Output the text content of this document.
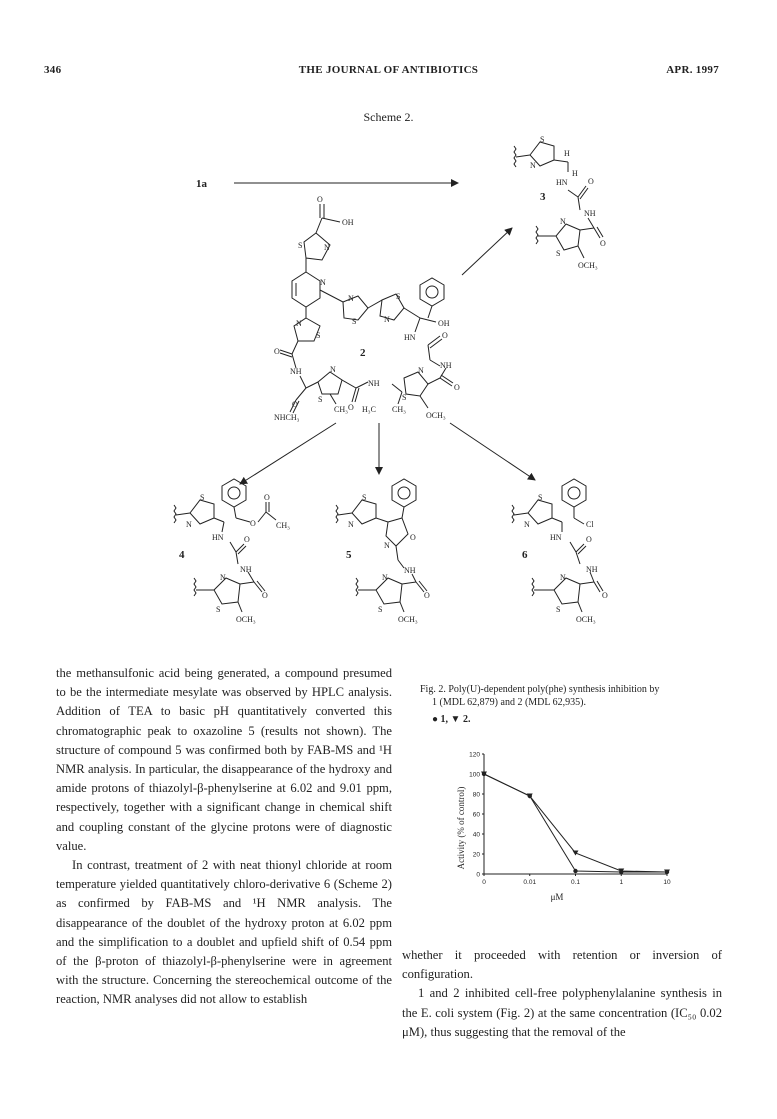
346	THE JOURNAL OF ANTIBIOTICS	APR. 1997
Scheme 2.
1a
2
3
4	5	6
O
OH
S	N
N
N
S
S
N	OH
HN	O
NH
N
S
O
NH	N
S
O
NHCH₃
CH₃ O
NH
H₃C CH₃
N
S
O
OCH₃
S
N
H
H
HN	O
NH
N
O
S
OCH₃
S
N	O
O
CH₃
HN	O
NH
N
O
S
OCH₃
S
N
N
O
NH
N
O
S
OCH₃
S
N	Cl
HN	O
NH
N
O
S
OCH₃

the methansulfonic acid being generated, a compound presumed to be the intermediate mesylate was observed by HPLC analysis. Addition of TEA to basic pH quantitatively converted this chromatographic peak to oxazoline 5 (results not shown). The structure of compound 5 was confirmed both by FAB-MS and ¹H NMR analysis. In particular, the disappearance of the hydroxy and amide protons of thiazolyl-β-phenylserine at 6.02 and 9.01 ppm, respectively, together with a significant change in chemical shift and coupling constant of the glycine protons were of diagnostic value.

In contrast, treatment of 2 with neat thionyl chloride at room temperature yielded quantitatively chloro-derivative 6 (Scheme 2) as confirmed by FAB-MS and ¹H NMR analysis. The disappearance of the doublet of the hydroxy proton at 6.02 ppm and the simplification to a doublet and upfield shift of 0.54 ppm of the β-proton of thiazolyl-β-phenylserine were in agreement with the structure. Concerning the stereochemical outcome of the reaction, NMR analyses did not allow to establish

Fig. 2. Poly(U)-dependent poly(phe) synthesis inhibition by
1 (MDL 62,879) and 2 (MDL 62,935).
● 1, ▼ 2.
0
20
40
60
80
100
120
0	0.01	0.1	1	10
Activity (% of control)
μM

whether it proceeded with retention or inversion of configuration.

1 and 2 inhibited cell-free polyphenylalanine synthesis in the E. coli system (Fig. 2) at the same concentration (IC₅₀ 0.02 μM), thus suggesting that the removal of the
